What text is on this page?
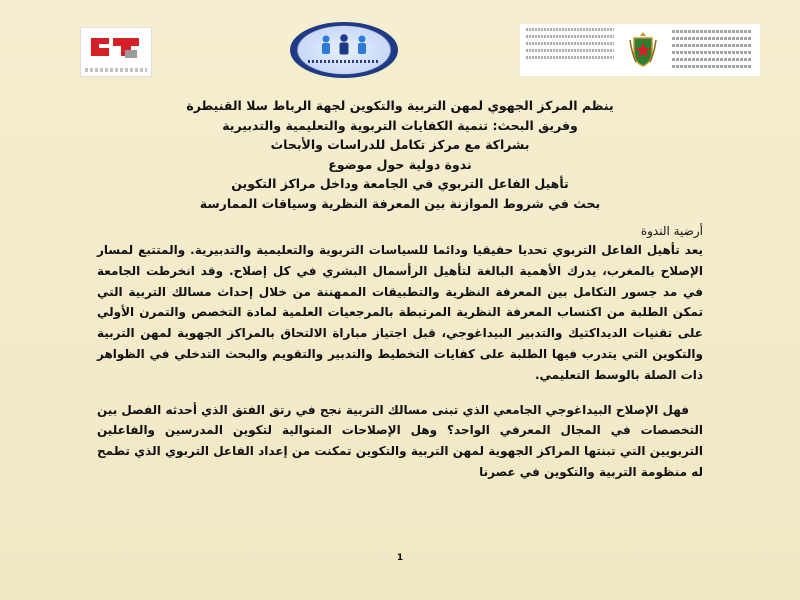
ينظم المركز الجهوي لمهن التربية والتكوين لجهة الرباط سلا القنيطرة

وفريق البحث: تنمية الكفايات التربوية والتعليمية والتدبيرية

بشراكة مع مركز تكامل للدراسات والأبحاث

ندوة دولية حول موضوع

تأهيل الفاعل التربوي في الجامعة وداخل مراكز التكوين

بحث في شروط الموازنة بين المعرفة النظرية وسياقات الممارسة

أرضية الندوة

يعد تأهيل الفاعل التربوي تحديا حقيقيا ودائما للسياسات التربوية والتعليمية والتدبيرية. والمتتبع لمسار الإصلاح بالمغرب، يدرك الأهمية البالغة لتأهيل الرأسمال البشري في كل إصلاح. وقد انخرطت الجامعة في مد جسور التكامل بين المعرفة النظرية والتطبيقات الممهننة من خلال إحداث مسالك التربية التي تمكن الطلبة من اكتساب المعرفة النظرية المرتبطة بالمرجعيات العلمية لمادة التخصص والتمرن الأولي على تقنيات الديداكتيك والتدبير البيداغوجي، قبل اجتياز مباراة الالتحاق بالمراكز الجهوية لمهن التربية والتكوين التي يتدرب فيها الطلبة على كفايات التخطيط والتدبير والتقويم والبحث التدخلي في الظواهر ذات الصلة بالوسط التعليمي.

فهل الإصلاح البيداغوجي الجامعي الذي تبنى مسالك التربية نجح في رتق الفتق الذي أحدثه الفصل بين التخصصات في المجال المعرفي الواحد؟ وهل الإصلاحات المتوالية لتكوين المدرسين والفاعلين التربويين التي تبنتها المراكز الجهوية لمهن التربية والتكوين تمكنت من إعداد الفاعل التربوي الذي تطمح له منظومة التربية والتكوين في عصرنا

1
